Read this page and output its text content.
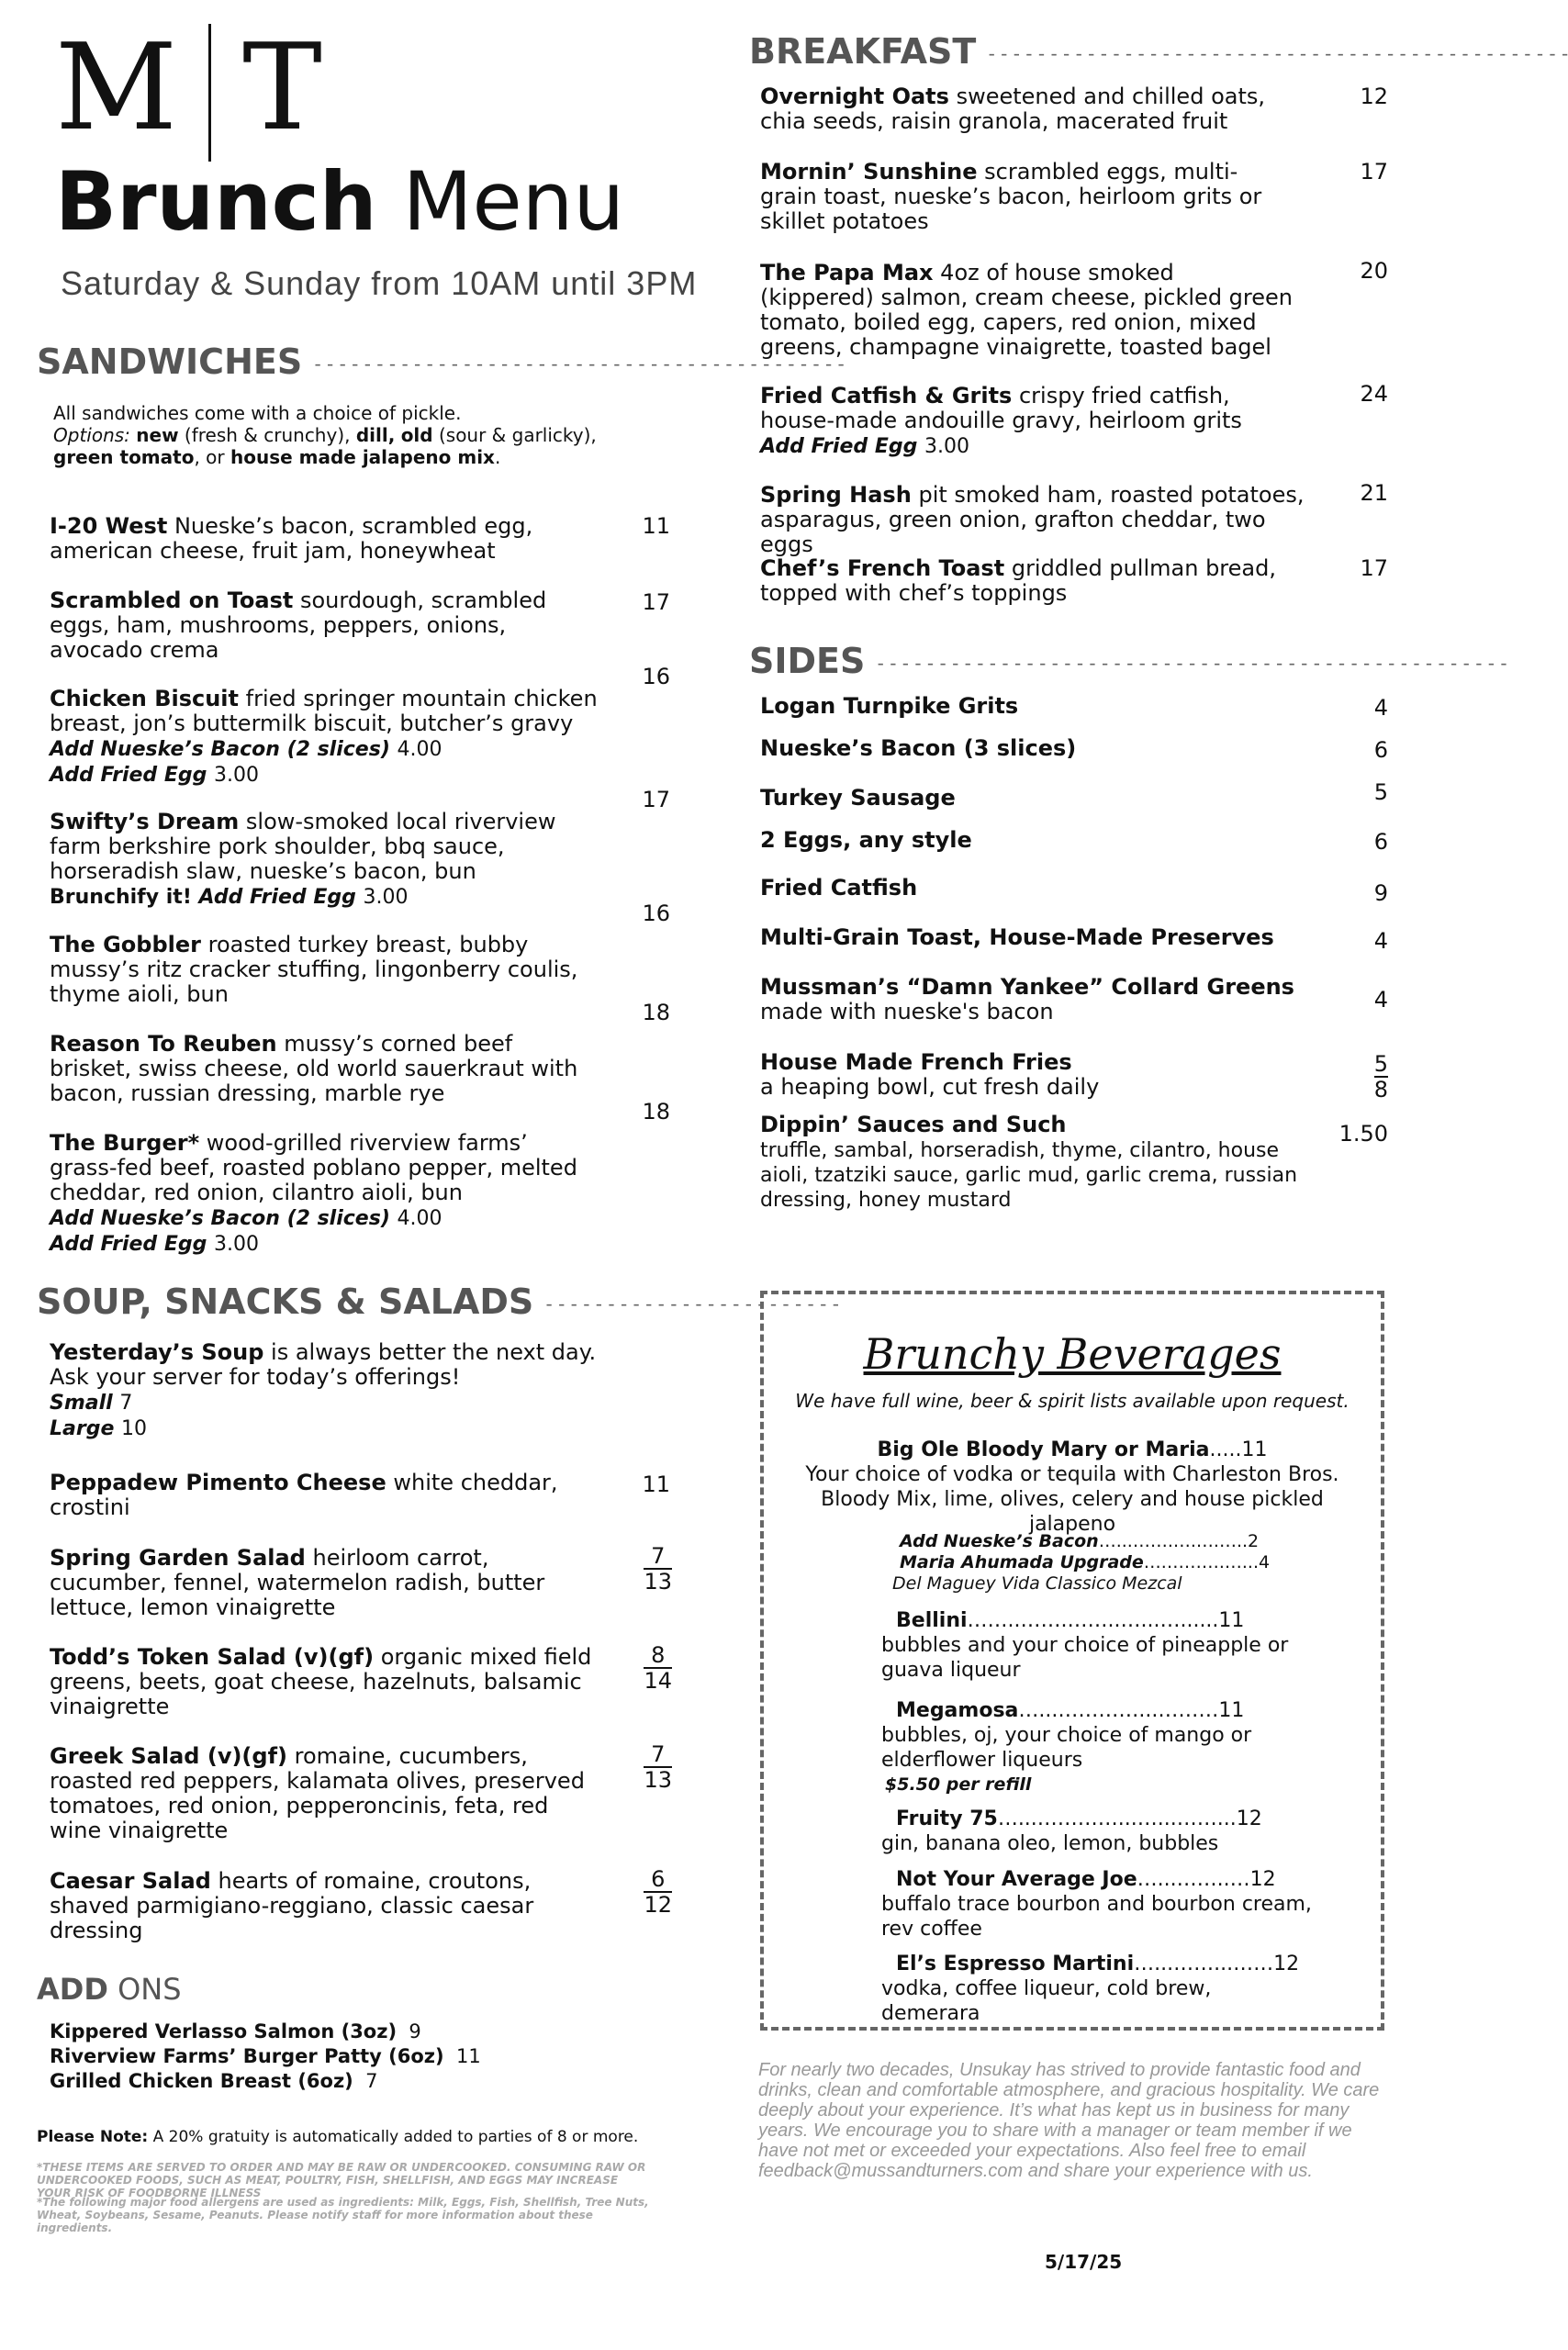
M T
Brunch Menu
Saturday & Sunday from 10AM until 3PM
SANDWICHES - - - - - - - - - - - - - - - - - - - - - - - - - - - - - - - - - - - - - - - - - - -
All sandwiches come with a choice of pickle.
Options: new (fresh & crunchy), dill, old (sour & garlicky),
green tomato, or house made jalapeno mix.
I-20 West Nueske’s bacon, scrambled egg, american cheese, fruit jam, honeywheat
11
Scrambled on Toast sourdough, scrambled eggs, ham, mushrooms, peppers, onions, avocado crema
17
Chicken Biscuit fried springer mountain chicken breast, jon’s buttermilk biscuit, butcher’s gravy
Add Nueske’s Bacon (2 slices) 4.00
Add Fried Egg 3.00
16
Swifty’s Dream slow-smoked local riverview farm berkshire pork shoulder, bbq sauce, horseradish slaw, nueske’s bacon, bun
Brunchify it! Add Fried Egg 3.00
17
The Gobbler roasted turkey breast, bubby mussy’s ritz cracker stuffing, lingonberry coulis, thyme aioli, bun
16
Reason To Reuben mussy’s corned beef brisket, swiss cheese, old world sauerkraut with bacon, russian dressing, marble rye
18
The Burger* wood-grilled riverview farms’ grass-fed beef, roasted poblano pepper, melted cheddar, red onion, cilantro aioli, bun
Add Nueske’s Bacon (2 slices) 4.00
Add Fried Egg 3.00
18
SOUP, SNACKS & SALADS - - - - - - - - - - - - - - - - - - - - - - - -
Yesterday’s Soup is always better the next day. Ask your server for today’s offerings!
Small 7
Large 10
Peppadew Pimento Cheese white cheddar, crostini
11
Spring Garden Salad heirloom carrot, cucumber, fennel, watermelon radish, butter lettuce, lemon vinaigrette
$\frac{7}{13}$
Todd’s Token Salad (v)(gf) organic mixed field greens, beets, goat cheese, hazelnuts, balsamic vinaigrette
$\frac{8}{14}$
Greek Salad (v)(gf) romaine, cucumbers, roasted red peppers, kalamata olives, preserved tomatoes, red onion, pepperoncinis, feta, red wine vinaigrette
$\frac{7}{13}$
Caesar Salad hearts of romaine, croutons, shaved parmigiano-reggiano, classic caesar dressing
$\frac{6}{12}$
ADD ONS
Kippered Verlasso Salmon (3oz) 9
Riverview Farms’ Burger Patty (6oz) 11
Grilled Chicken Breast (6oz) 7
Please Note: A 20% gratuity is automatically added to parties of 8 or more.
*THESE ITEMS ARE SERVED TO ORDER AND MAY BE RAW OR UNDERCOOKED. CONSUMING RAW OR UNDERCOOKED FOODS, SUCH AS MEAT, POULTRY, FISH, SHELLFISH, AND EGGS MAY INCREASE YOUR RISK OF FOODBORNE ILLNESS
*The following major food allergens are used as ingredients: Milk, Eggs, Fish, Shellfish, Tree Nuts, Wheat, Soybeans, Sesame, Peanuts. Please notify staff for more information about these ingredients.
BREAKFAST - - - - - - - - - - - - - - - - - - - - - - - - - - - - - - - - - - - - - - - - - - - - - - -
Overnight Oats sweetened and chilled oats, chia seeds, raisin granola, macerated fruit
12
Mornin’ Sunshine scrambled eggs, multi-grain toast, nueske’s bacon, heirloom grits or skillet potatoes
17
The Papa Max 4oz of house smoked (kippered) salmon, cream cheese, pickled green tomato, boiled egg, capers, red onion, mixed greens, champagne vinaigrette, toasted bagel
20
Fried Catfish & Grits crispy fried catfish, house-made andouille gravy, heirloom grits
Add Fried Egg 3.00
24
Spring Hash pit smoked ham, roasted potatoes, asparagus, green onion, grafton cheddar, two eggs
21
Chef’s French Toast griddled pullman bread, topped with chef’s toppings
17
SIDES - - - - - - - - - - - - - - - - - - - - - - - - - - - - - - - - - - - - - - - - - - - - - - - - - - -
Logan Turnpike Grits	4
Nueske’s Bacon (3 slices)	6
Turkey Sausage	5
2 Eggs, any style	6
Fried Catfish	9
Multi-Grain Toast, House-Made Preserves	4
Mussman’s “Damn Yankee” Collard Greens
made with nueske's bacon	4
House Made French Fries
a heaping bowl, cut fresh daily	$\frac{5}{8}$
Dippin’ Sauces and Such
truffle, sambal, horseradish, thyme, cilantro, house aioli, tzatziki sauce, garlic mud, garlic crema, russian dressing, honey mustard
1.50
Brunchy Beverages
We have full wine, beer & spirit lists available upon request.
Big Ole Bloody Mary or Maria.....11
Your choice of vodka or tequila with Charleston Bros. Bloody Mix, lime, olives, celery and house pickled jalapeno
Add Nueske’s Bacon…...…….….….…..2
Maria Ahumada Upgrade….……….…...4
Del Maguey Vida Classico Mezcal
Bellini……..…….……..…...…......11
bubbles and your choice of pineapple or guava liqueur
Megamosa…...…………...………11
bubbles, oj, your choice of mango or elderflower liqueurs
$5.50 per refill
Fruity 75…...…………...…...……...12
gin, banana oleo, lemon, bubbles
Not Your Average Joe…...……..…12
buffalo trace bourbon and bourbon cream, rev coffee
El’s Espresso Martini…...……...……12
vodka, coffee liqueur, cold brew, demerara
For nearly two decades, Unsukay has strived to provide fantastic food and drinks, clean and comfortable atmosphere, and gracious hospitality. We care deeply about your experience. It’s what has kept us in business for many years. We encourage you to share with a manager or team member if we have not met or exceeded your expectations. Also feel free to email feedback@mussandturners.com and share your experience with us.
5/17/25
